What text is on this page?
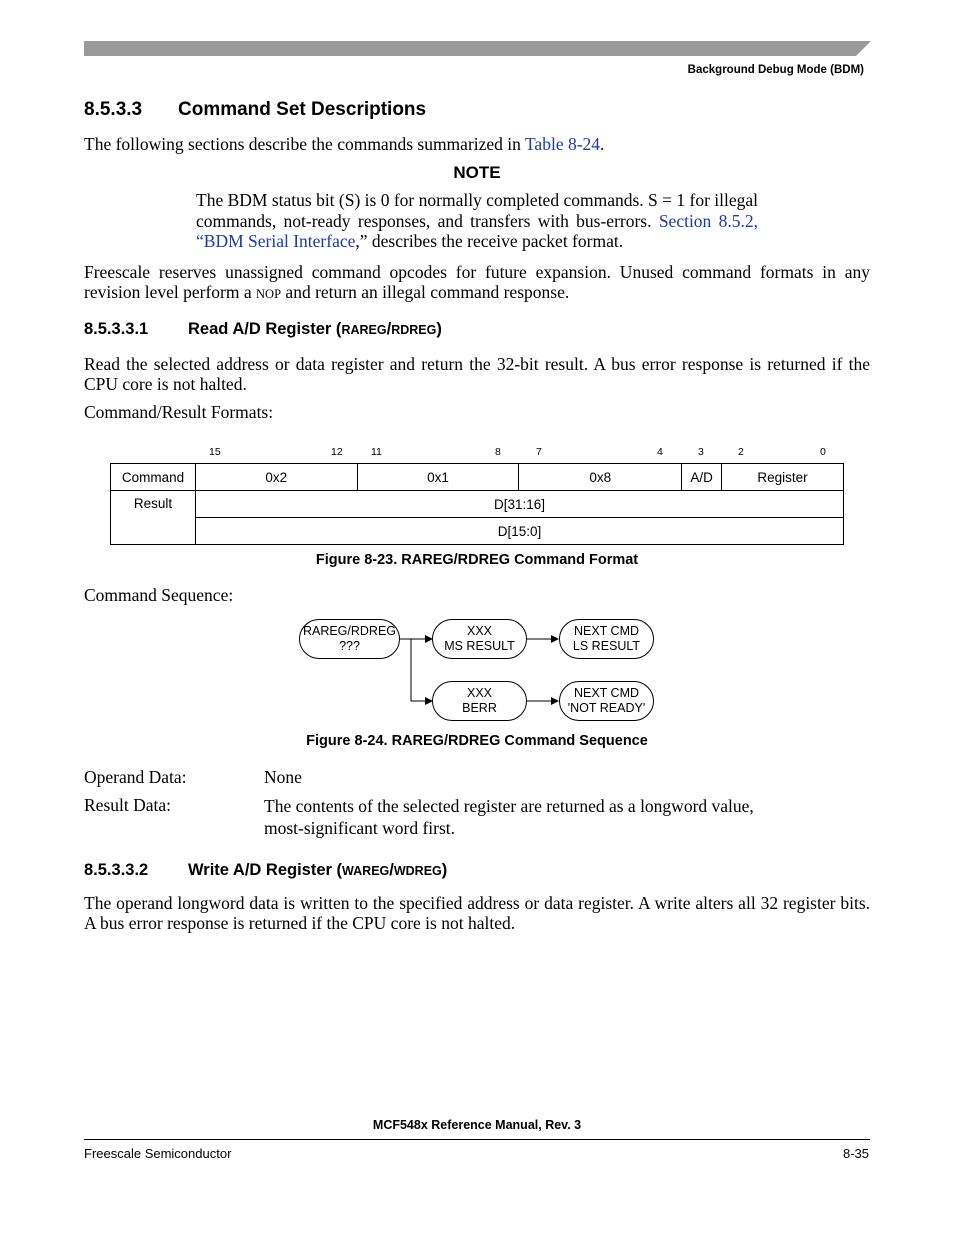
Background Debug Mode (BDM)
8.5.3.3 Command Set Descriptions
The following sections describe the commands summarized in Table 8-24.
NOTE
The BDM status bit (S) is 0 for normally completed commands. S = 1 for illegal commands, not-ready responses, and transfers with bus-errors. Section 8.5.2, “BDM Serial Interface,” describes the receive packet format.
Freescale reserves unassigned command opcodes for future expansion. Unused command formats in any revision level perform a NOP and return an illegal command response.
8.5.3.3.1 Read A/D Register (RAREG/RDREG)
Read the selected address or data register and return the 32-bit result. A bus error response is returned if the CPU core is not halted.
Command/Result Formats:
15	12	11	8	7	4	3	2	0
Command	0x2	0x1	0x8	A/D	Register
Result	D[31:16]				
	D[15:0]				
Figure 8-23. RAREG/RDREG Command Format
Command Sequence:
RAREG/RDREG
???
XXX
MS RESULT
NEXT CMD
LS RESULT
XXX
BERR
NEXT CMD
'NOT READY'
Figure 8-24. RAREG/RDREG Command Sequence
Operand Data:	None
Result Data:	The contents of the selected register are returned as a longword value,
most-significant word first.
8.5.3.3.2 Write A/D Register (WAREG/WDREG)
The operand longword data is written to the specified address or data register. A write alters all 32 register bits. A bus error response is returned if the CPU core is not halted.
MCF548x Reference Manual, Rev. 3
Freescale Semiconductor	8-35
